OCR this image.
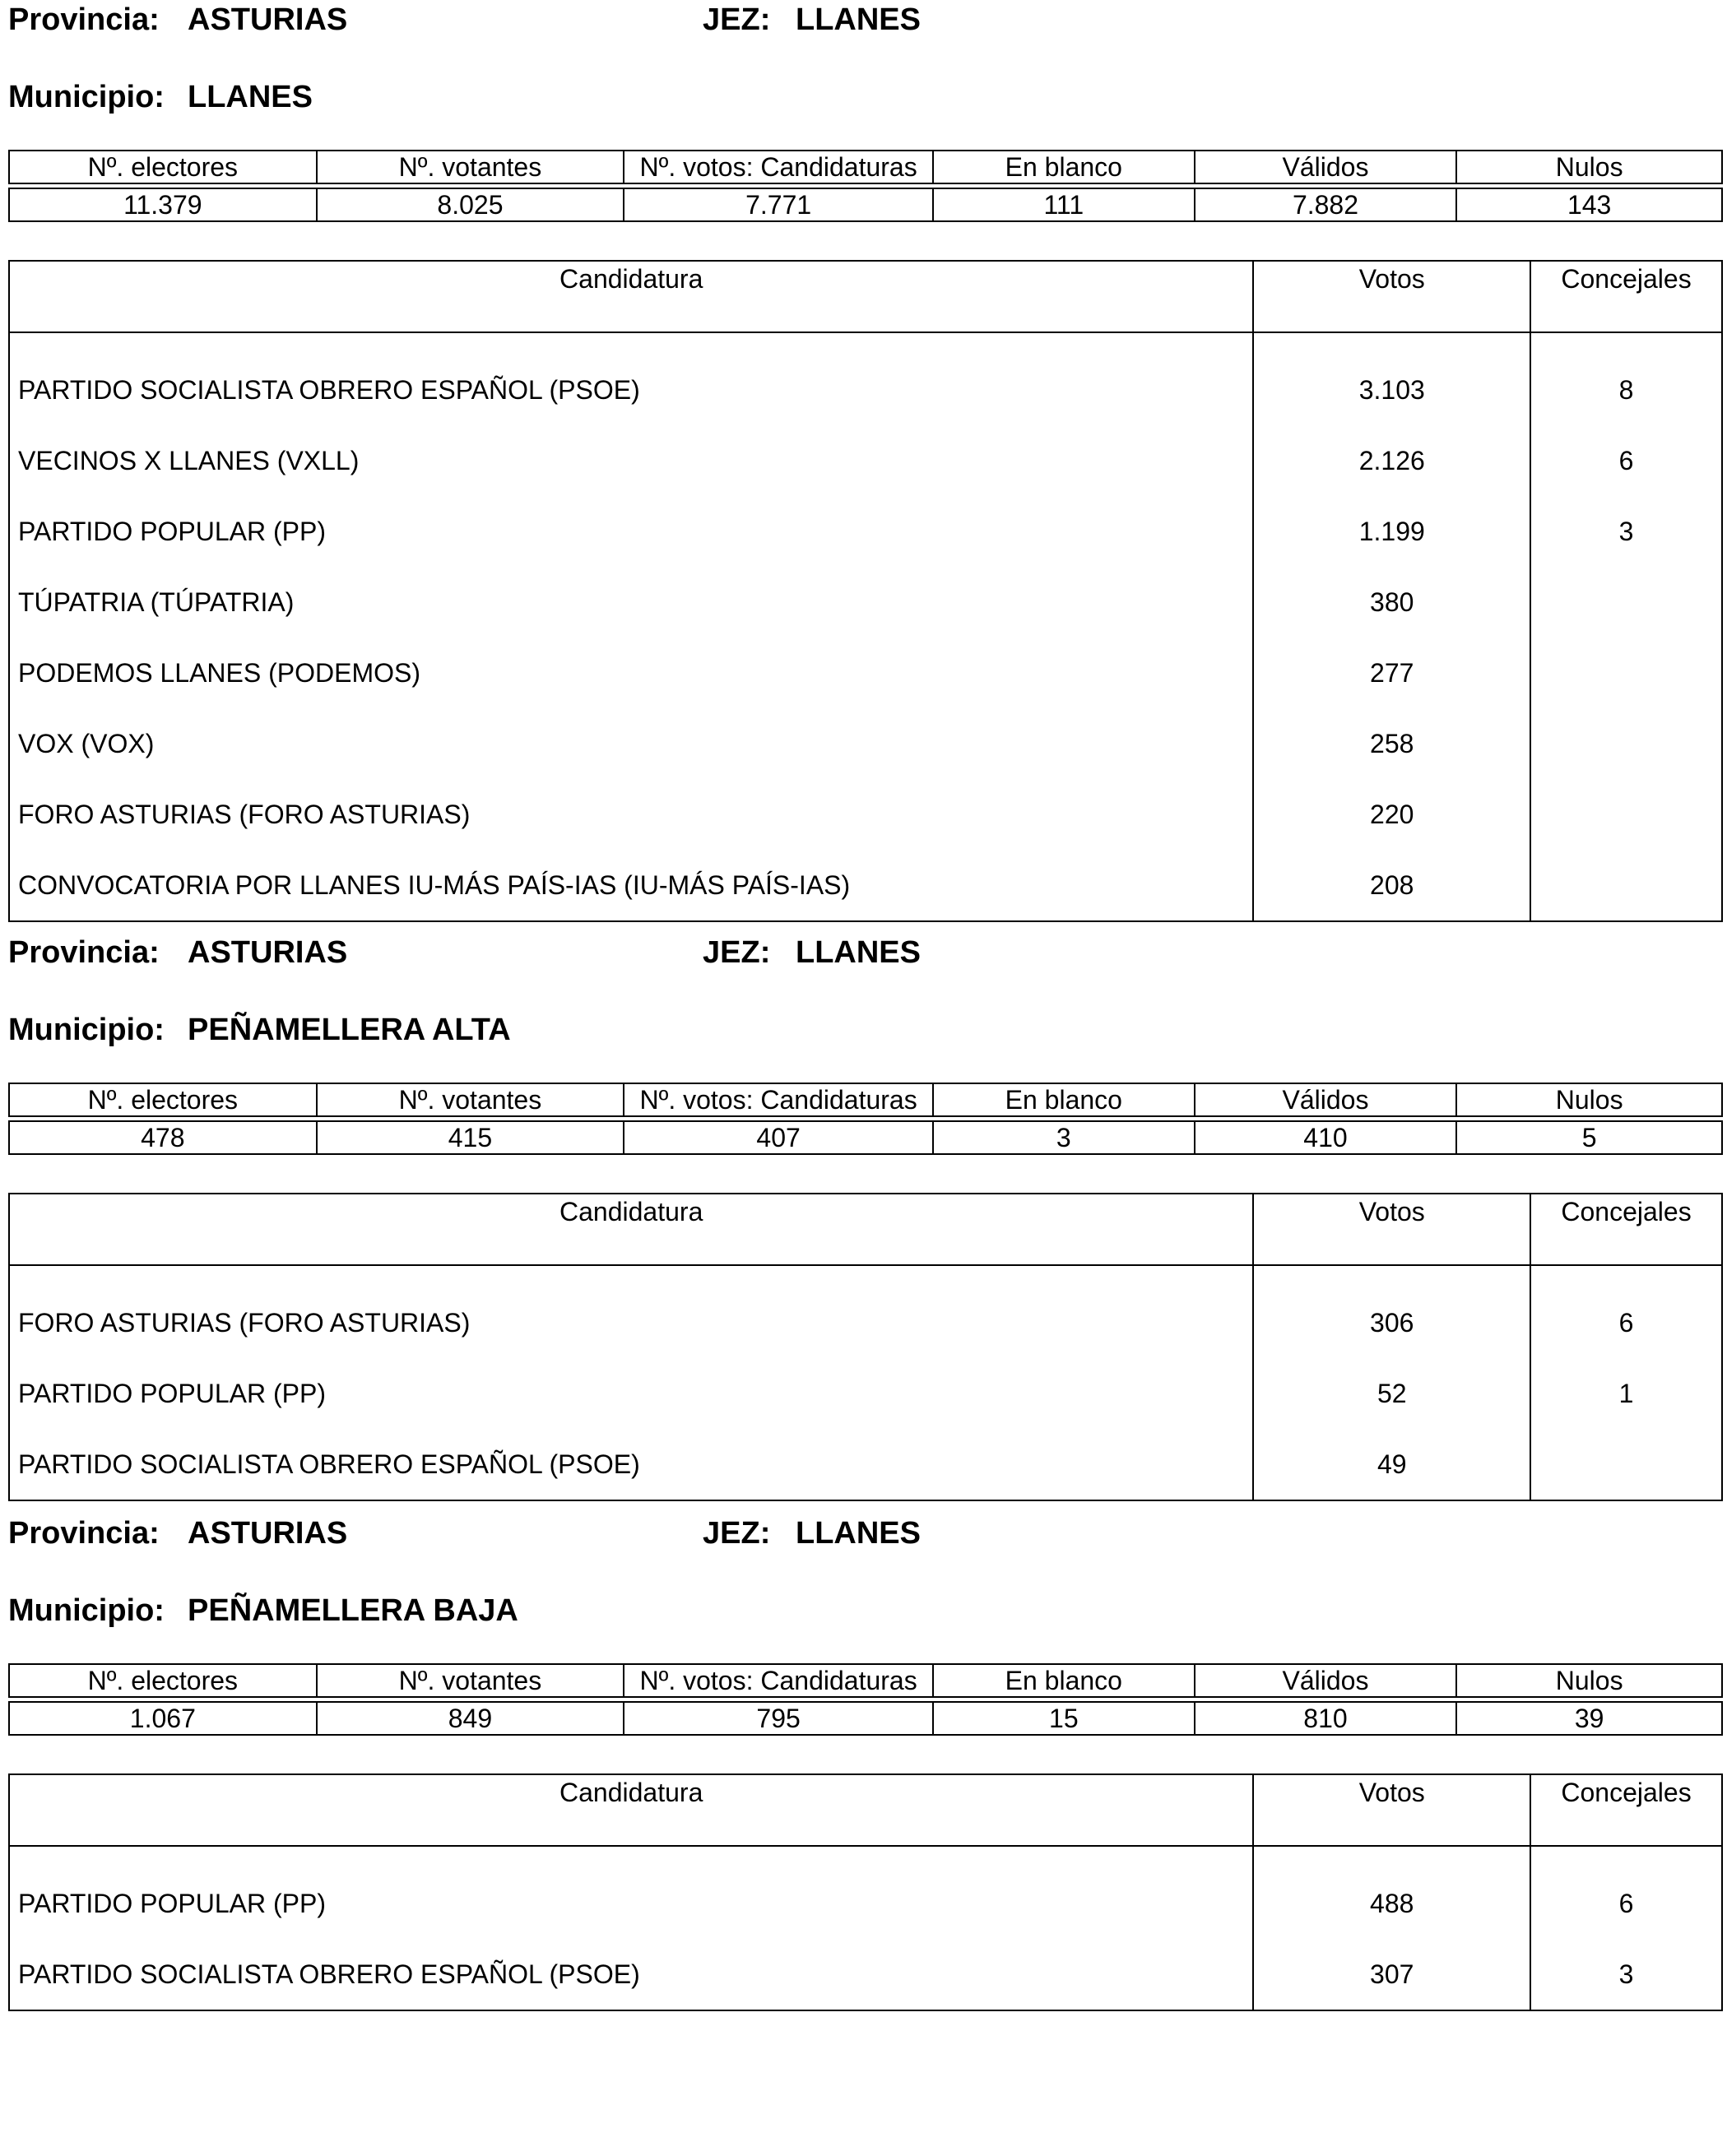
Provincia: ASTURIAS	JEZ: LLANES
Municipio: LLANES
Nº. electores	Nº. votantes	Nº. votos: Candidaturas	En blanco	Válidos	Nulos

11.379	8.025	7.771	111	7.882	143
Candidatura	Votos	Concejales
PARTIDO SOCIALISTA OBRERO ESPAÑOL (PSOE)	3.103	8
VECINOS X LLANES (VXLL)	2.126	6
PARTIDO POPULAR (PP)	1.199	3
TÚPATRIA (TÚPATRIA)	380	
PODEMOS LLANES (PODEMOS)	277	
VOX (VOX)	258	
FORO ASTURIAS (FORO ASTURIAS)	220	
CONVOCATORIA POR LLANES IU-MÁS PAÍS-IAS (IU-MÁS PAÍS-IAS)	208	
Provincia: ASTURIAS	JEZ: LLANES
Municipio: PEÑAMELLERA ALTA
Nº. electores	Nº. votantes	Nº. votos: Candidaturas	En blanco	Válidos	Nulos

478	415	407	3	410	5
Candidatura	Votos	Concejales
FORO ASTURIAS (FORO ASTURIAS)	306	6
PARTIDO POPULAR (PP)	52	1
PARTIDO SOCIALISTA OBRERO ESPAÑOL (PSOE)	49	
Provincia: ASTURIAS	JEZ: LLANES
Municipio: PEÑAMELLERA BAJA
Nº. electores	Nº. votantes	Nº. votos: Candidaturas	En blanco	Válidos	Nulos

1.067	849	795	15	810	39
Candidatura	Votos	Concejales
PARTIDO POPULAR (PP)	488	6
PARTIDO SOCIALISTA OBRERO ESPAÑOL (PSOE)	307	3
